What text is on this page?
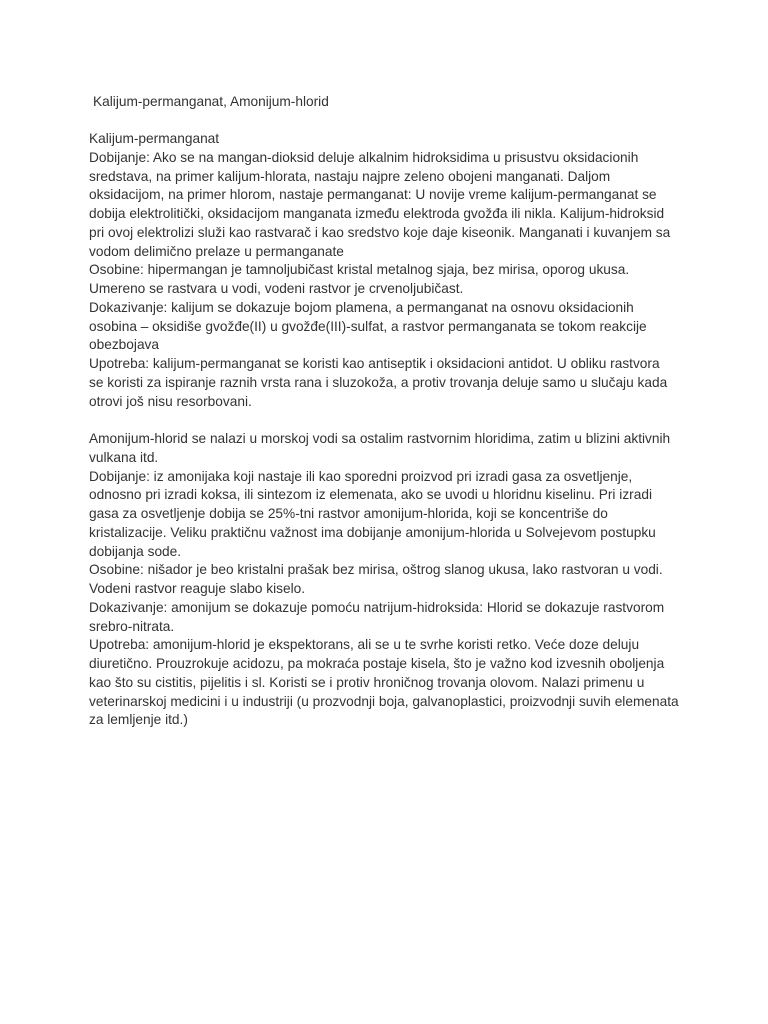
Kalijum-permanganat, Amonijum-hlorid
Kalijum-permanganat
Dobijanje: Ako se na mangan-dioksid deluje alkalnim hidroksidima u prisustvu oksidacionih
sredstava, na primer kalijum-hlorata, nastaju najpre zeleno obojeni manganati. Daljom
oksidacijom, na primer hlorom, nastaje permanganat: U novije vreme kalijum-permanganat se
dobija elektrolitički, oksidacijom manganata između elektroda gvožđa ili nikla. Kalijum-hidroksid
pri ovoj elektrolizi služi kao rastvarač i kao sredstvo koje daje kiseonik. Manganati i kuvanjem sa
vodom delimično prelaze u permanganate
Osobine: hipermangan je tamnoljubičast kristal metalnog sjaja, bez mirisa, oporog ukusa.
Umereno se rastvara u vodi, vodeni rastvor je crvenoljubičast.
Dokazivanje: kalijum se dokazuje bojom plamena, a permanganat na osnovu oksidacionih
osobina – oksidiše gvožđe(II) u gvožđe(III)-sulfat, a rastvor permanganata se tokom reakcije
obezbojava
Upotreba: kalijum-permanganat se koristi kao antiseptik i oksidacioni antidot. U obliku rastvora
se koristi za ispiranje raznih vrsta rana i sluzokoža, a protiv trovanja deluje samo u slučaju kada
otrovi još nisu resorbovani.
Amonijum-hlorid se nalazi u morskoj vodi sa ostalim rastvornim hloridima, zatim u blizini aktivnih
vulkana itd.
Dobijanje: iz amonijaka koji nastaje ili kao sporedni proizvod pri izradi gasa za osvetljenje,
odnosno pri izradi koksa, ili sintezom iz elemenata, ako se uvodi u hloridnu kiselinu. Pri izradi
gasa za osvetljenje dobija se 25%-tni rastvor amonijum-hlorida, koji se koncentriše do
kristalizacije. Veliku praktičnu važnost ima dobijanje amonijum-hlorida u Solvejevom postupku
dobijanja sode.
Osobine: nišador je beo kristalni prašak bez mirisa, oštrog slanog ukusa, lako rastvoran u vodi.
Vodeni rastvor reaguje slabo kiselo.
Dokazivanje: amonijum se dokazuje pomoću natrijum-hidroksida: Hlorid se dokazuje rastvorom
srebro-nitrata.
Upotreba: amonijum-hlorid je ekspektorans, ali se u te svrhe koristi retko. Veće doze deluju
diuretično. Prouzrokuje acidozu, pa mokraća postaje kisela, što je važno kod izvesnih oboljenja
kao što su cistitis, pijelitis i sl. Koristi se i protiv hroničnog trovanja olovom. Nalazi primenu u
veterinarskoj medicini i u industriji (u prozvodnji boja, galvanoplastici, proizvodnji suvih elemenata
za lemljenje itd.)
